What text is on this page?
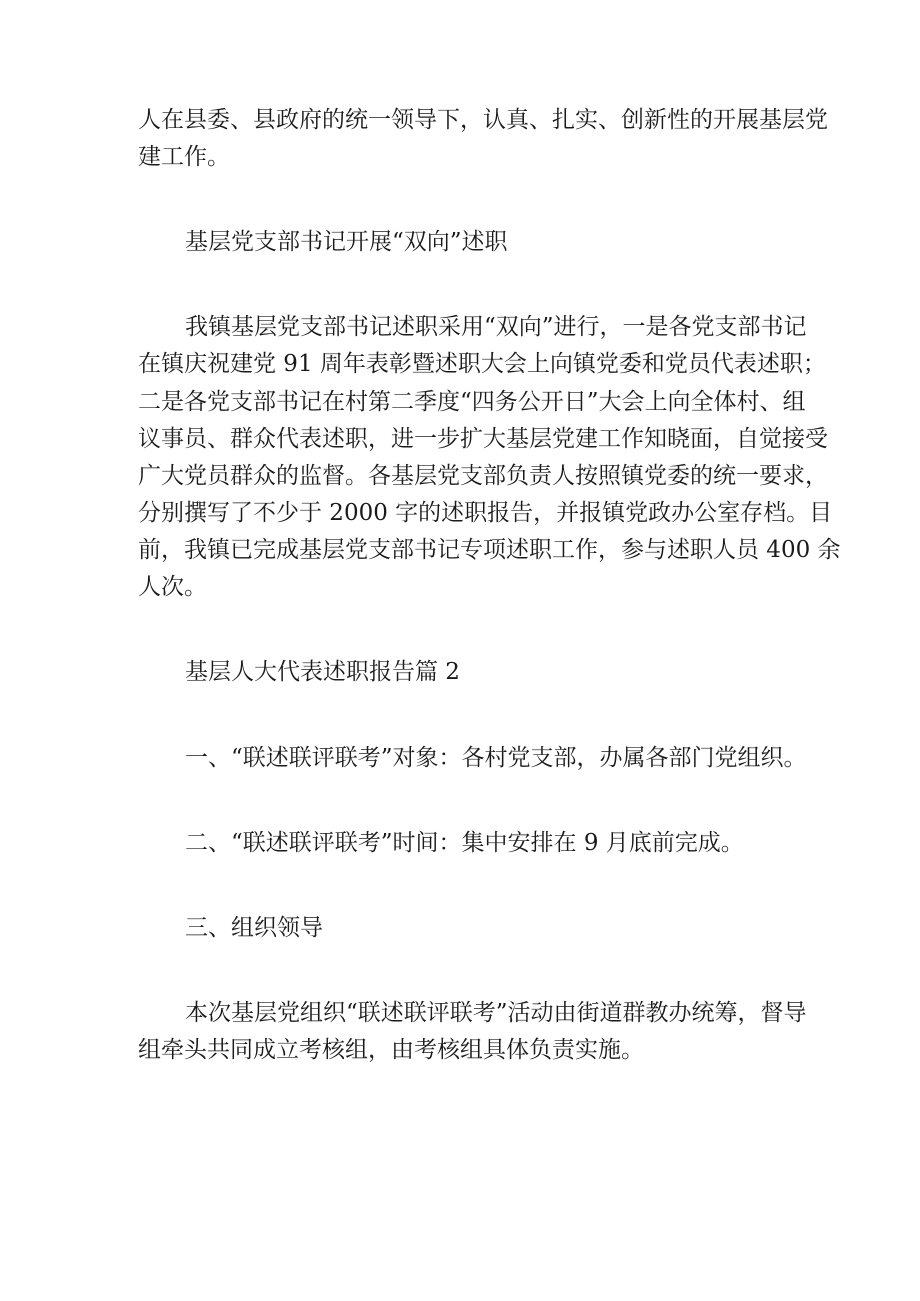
人在县委、县政府的统一领导下，认真、扎实、创新性的开展基层党

建工作。

基层党支部书记开展“双向”述职

我镇基层党支部书记述职采用“双向”进行，一是各党支部书记

在镇庆祝建党 91 周年表彰暨述职大会上向镇党委和党员代表述职；

二是各党支部书记在村第二季度“四务公开日”大会上向全体村、组

议事员、群众代表述职，进一步扩大基层党建工作知晓面，自觉接受

广大党员群众的监督。各基层党支部负责人按照镇党委的统一要求，

分别撰写了不少于 2000 字的述职报告，并报镇党政办公室存档。目

前，我镇已完成基层党支部书记专项述职工作，参与述职人员 400 余

人次。

基层人大代表述职报告篇 2

一、“联述联评联考”对象：各村党支部，办属各部门党组织。

二、“联述联评联考”时间：集中安排在 9 月底前完成。

三、组织领导

本次基层党组织“联述联评联考”活动由街道群教办统筹，督导

组牵头共同成立考核组，由考核组具体负责实施。
